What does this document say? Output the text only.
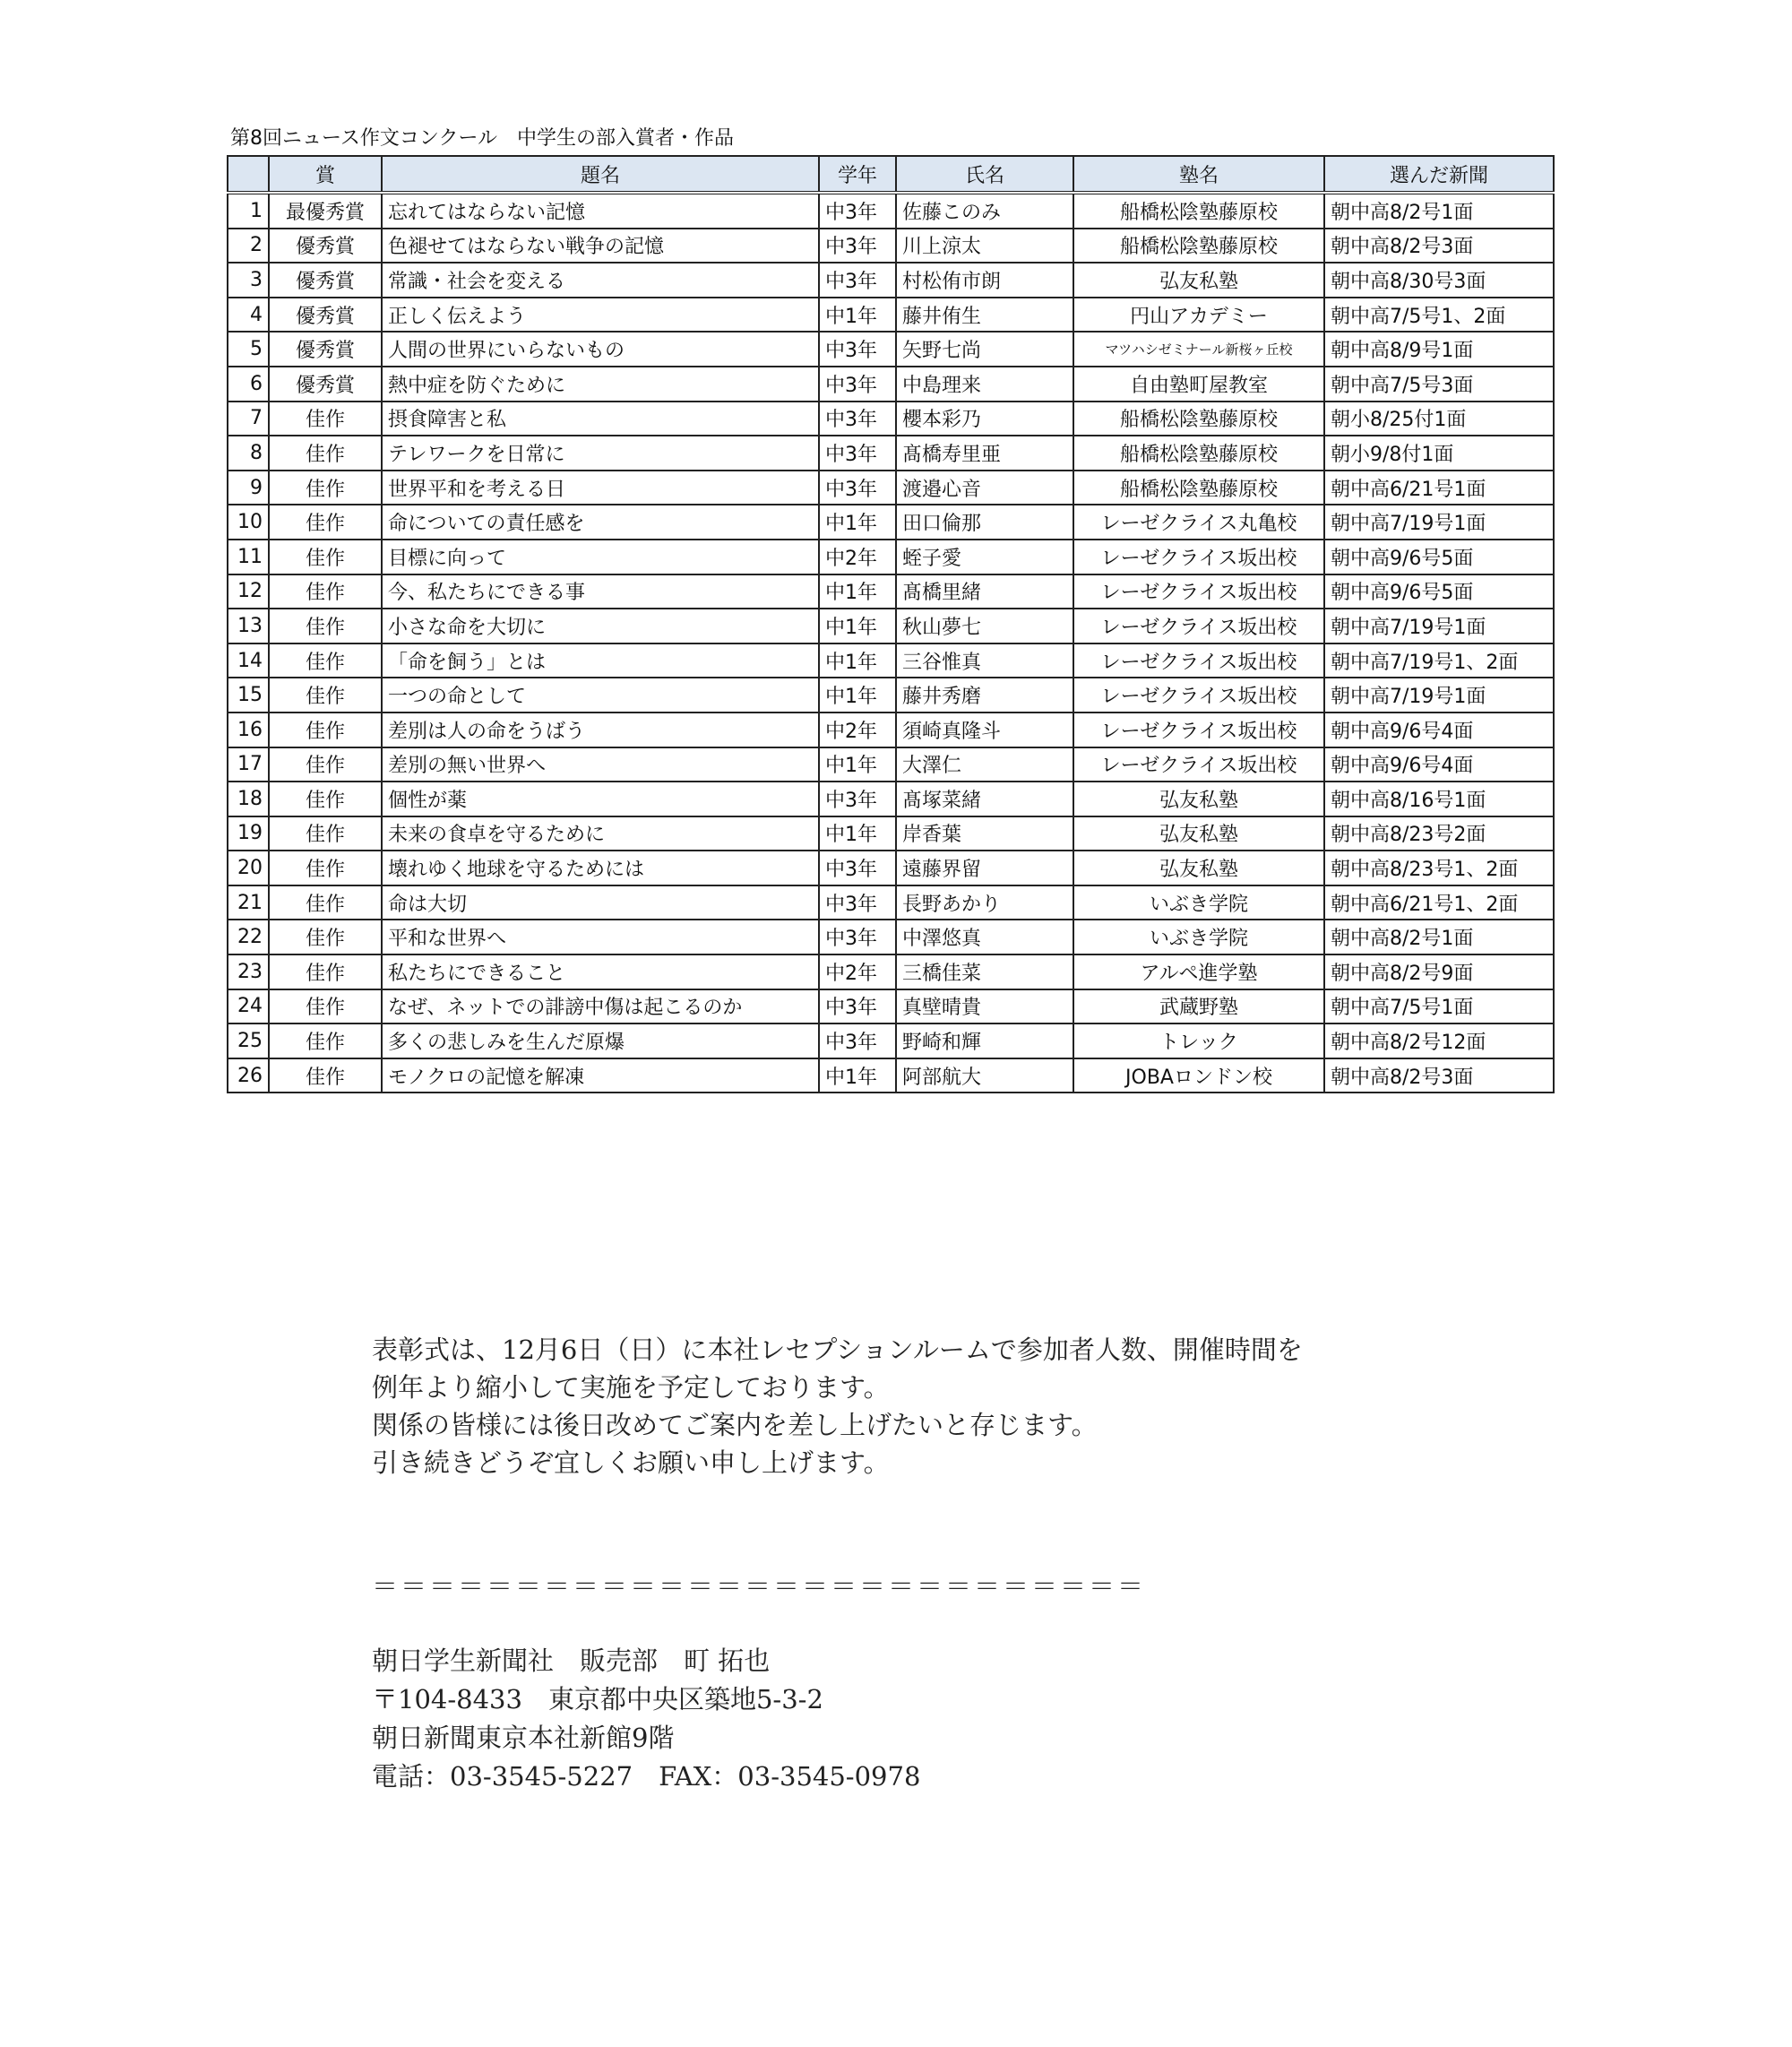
第8回ニュース作文コンクール　中学生の部入賞者・作品
	賞	題名	学年	氏名	塾名	選んだ新聞
1	最優秀賞	忘れてはならない記憶	中3年	佐藤このみ	船橋松陰塾藤原校	朝中高8/2号1面
2	優秀賞	色褪せてはならない戦争の記憶	中3年	川上涼太	船橋松陰塾藤原校	朝中高8/2号3面
3	優秀賞	常識・社会を変える	中3年	村松侑市朗	弘友私塾	朝中高8/30号3面
4	優秀賞	正しく伝えよう	中1年	藤井侑生	円山アカデミー	朝中高7/5号1、2面
5	優秀賞	人間の世界にいらないもの	中3年	矢野七尚	マツハシゼミナール新桜ヶ丘校	朝中高8/9号1面
6	優秀賞	熱中症を防ぐために	中3年	中島理来	自由塾町屋教室	朝中高7/5号3面
7	佳作	摂食障害と私	中3年	櫻本彩乃	船橋松陰塾藤原校	朝小8/25付1面
8	佳作	テレワークを日常に	中3年	髙橋寿里亜	船橋松陰塾藤原校	朝小9/8付1面
9	佳作	世界平和を考える日	中3年	渡邉心音	船橋松陰塾藤原校	朝中高6/21号1面
10	佳作	命についての責任感を	中1年	田口倫那	レーゼクライス丸亀校	朝中高7/19号1面
11	佳作	目標に向って	中2年	蛭子愛	レーゼクライス坂出校	朝中高9/6号5面
12	佳作	今、私たちにできる事	中1年	髙橋里緒	レーゼクライス坂出校	朝中高9/6号5面
13	佳作	小さな命を大切に	中1年	秋山夢七	レーゼクライス坂出校	朝中高7/19号1面
14	佳作	「命を飼う」とは	中1年	三谷惟真	レーゼクライス坂出校	朝中高7/19号1、2面
15	佳作	一つの命として	中1年	藤井秀磨	レーゼクライス坂出校	朝中高7/19号1面
16	佳作	差別は人の命をうばう	中2年	須崎真隆斗	レーゼクライス坂出校	朝中高9/6号4面
17	佳作	差別の無い世界へ	中1年	大澤仁	レーゼクライス坂出校	朝中高9/6号4面
18	佳作	個性が薬	中3年	髙塚菜緒	弘友私塾	朝中高8/16号1面
19	佳作	未来の食卓を守るために	中1年	岸香葉	弘友私塾	朝中高8/23号2面
20	佳作	壊れゆく地球を守るためには	中3年	遠藤界留	弘友私塾	朝中高8/23号1、2面
21	佳作	命は大切	中3年	長野あかり	いぶき学院	朝中高6/21号1、2面
22	佳作	平和な世界へ	中3年	中澤悠真	いぶき学院	朝中高8/2号1面
23	佳作	私たちにできること	中2年	三橋佳菜	アルペ進学塾	朝中高8/2号9面
24	佳作	なぜ、ネットでの誹謗中傷は起こるのか	中3年	真壁晴貴	武蔵野塾	朝中高7/5号1面
25	佳作	多くの悲しみを生んだ原爆	中3年	野崎和輝	トレック	朝中高8/2号12面
26	佳作	モノクロの記憶を解凍	中1年	阿部航大	JOBAロンドン校	朝中高8/2号3面

表彰式は、12月6日（日）に本社レセプションルームで参加者人数、開催時間を

例年より縮小して実施を予定しております。

関係の皆様には後日改めてご案内を差し上げたいと存じます。

引き続きどうぞ宜しくお願い申し上げます。

＝＝＝＝＝＝＝＝＝＝＝＝＝＝＝＝＝＝＝＝＝＝＝＝＝＝＝

朝日学生新聞社　販売部　町 拓也

〒104-8433　東京都中央区築地5-3-2

朝日新聞東京本社新館9階

電話：03-3545-5227　FAX：03-3545-0978
